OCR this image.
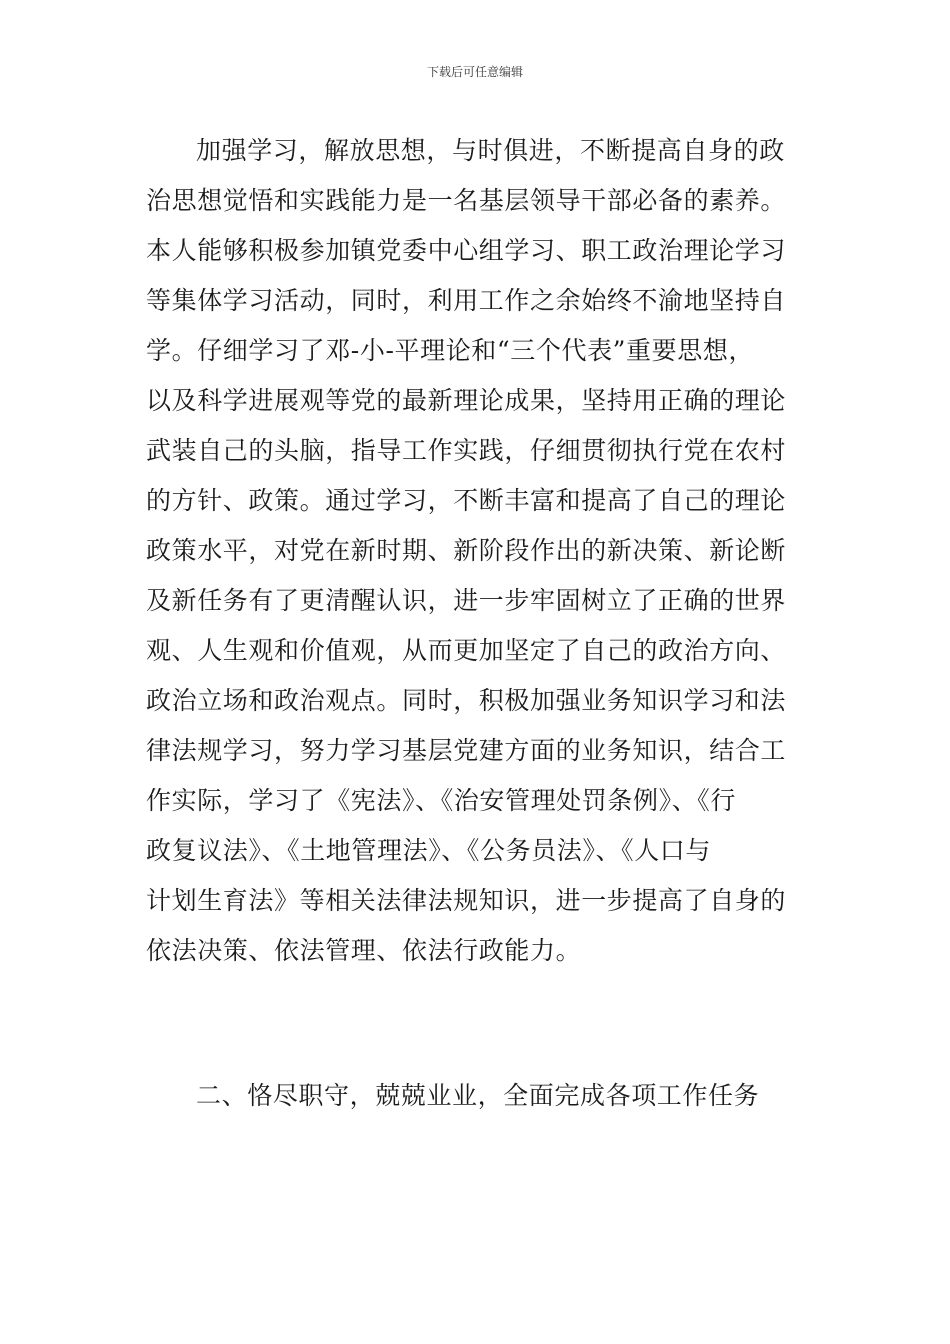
下载后可任意编辑
加强学习，解放思想，与时俱进，不断提高自身的政
治思想觉悟和实践能力是一名基层领导干部必备的素养。
本人能够积极参加镇党委中心组学习、职工政治理论学习
等集体学习活动，同时，利用工作之余始终不渝地坚持自
学。仔细学习了邓-小-平理论和“三个代表”重要思想，
以及科学进展观等党的最新理论成果，坚持用正确的理论
武装自己的头脑，指导工作实践，仔细贯彻执行党在农村
的方针、政策。通过学习，不断丰富和提高了自己的理论
政策水平，对党在新时期、新阶段作出的新决策、新论断
及新任务有了更清醒认识，进一步牢固树立了正确的世界
观、人生观和价值观，从而更加坚定了自己的政治方向、
政治立场和政治观点。同时，积极加强业务知识学习和法
律法规学习，努力学习基层党建方面的业务知识，结合工
作实际，学习了《宪法》、《治安管理处罚条例》、《行
政复议法》、《土地管理法》、《公务员法》、《人口与
计划生育法》等相关法律法规知识，进一步提高了自身的
依法决策、依法管理、依法行政能力。
二、恪尽职守，兢兢业业，全面完成各项工作任务
